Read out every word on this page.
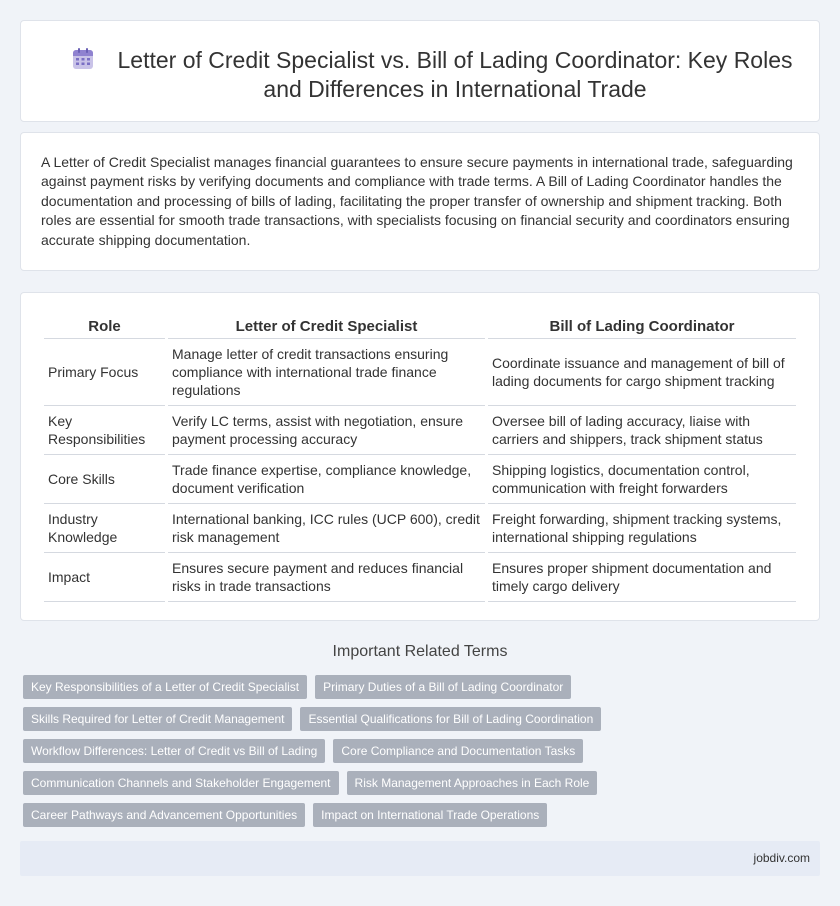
Letter of Credit Specialist vs. Bill of Lading Coordinator: Key Roles and Differences in International Trade

A Letter of Credit Specialist manages financial guarantees to ensure secure payments in international trade, safeguarding against payment risks by verifying documents and compliance with trade terms. A Bill of Lading Coordinator handles the documentation and processing of bills of lading, facilitating the proper transfer of ownership and shipment tracking. Both roles are essential for smooth trade transactions, with specialists focusing on financial security and coordinators ensuring accurate shipping documentation.

Role	Letter of Credit Specialist	Bill of Lading Coordinator
Primary Focus	Manage letter of credit transactions ensuring compliance with international trade finance regulations	Coordinate issuance and management of bill of lading documents for cargo shipment tracking
Key Responsibilities	Verify LC terms, assist with negotiation, ensure payment processing accuracy	Oversee bill of lading accuracy, liaise with carriers and shippers, track shipment status
Core Skills	Trade finance expertise, compliance knowledge, document verification	Shipping logistics, documentation control, communication with freight forwarders
Industry Knowledge	International banking, ICC rules (UCP 600), credit risk management	Freight forwarding, shipment tracking systems, international shipping regulations
Impact	Ensures secure payment and reduces financial risks in trade transactions	Ensures proper shipment documentation and timely cargo delivery
Important Related Terms
Key Responsibilities of a Letter of Credit Specialist	Primary Duties of a Bill of Lading Coordinator
Skills Required for Letter of Credit Management	Essential Qualifications for Bill of Lading Coordination
Workflow Differences: Letter of Credit vs Bill of Lading	Core Compliance and Documentation Tasks
Communication Channels and Stakeholder Engagement	Risk Management Approaches in Each Role
Career Pathways and Advancement Opportunities	Impact on International Trade Operations
jobdiv.com
